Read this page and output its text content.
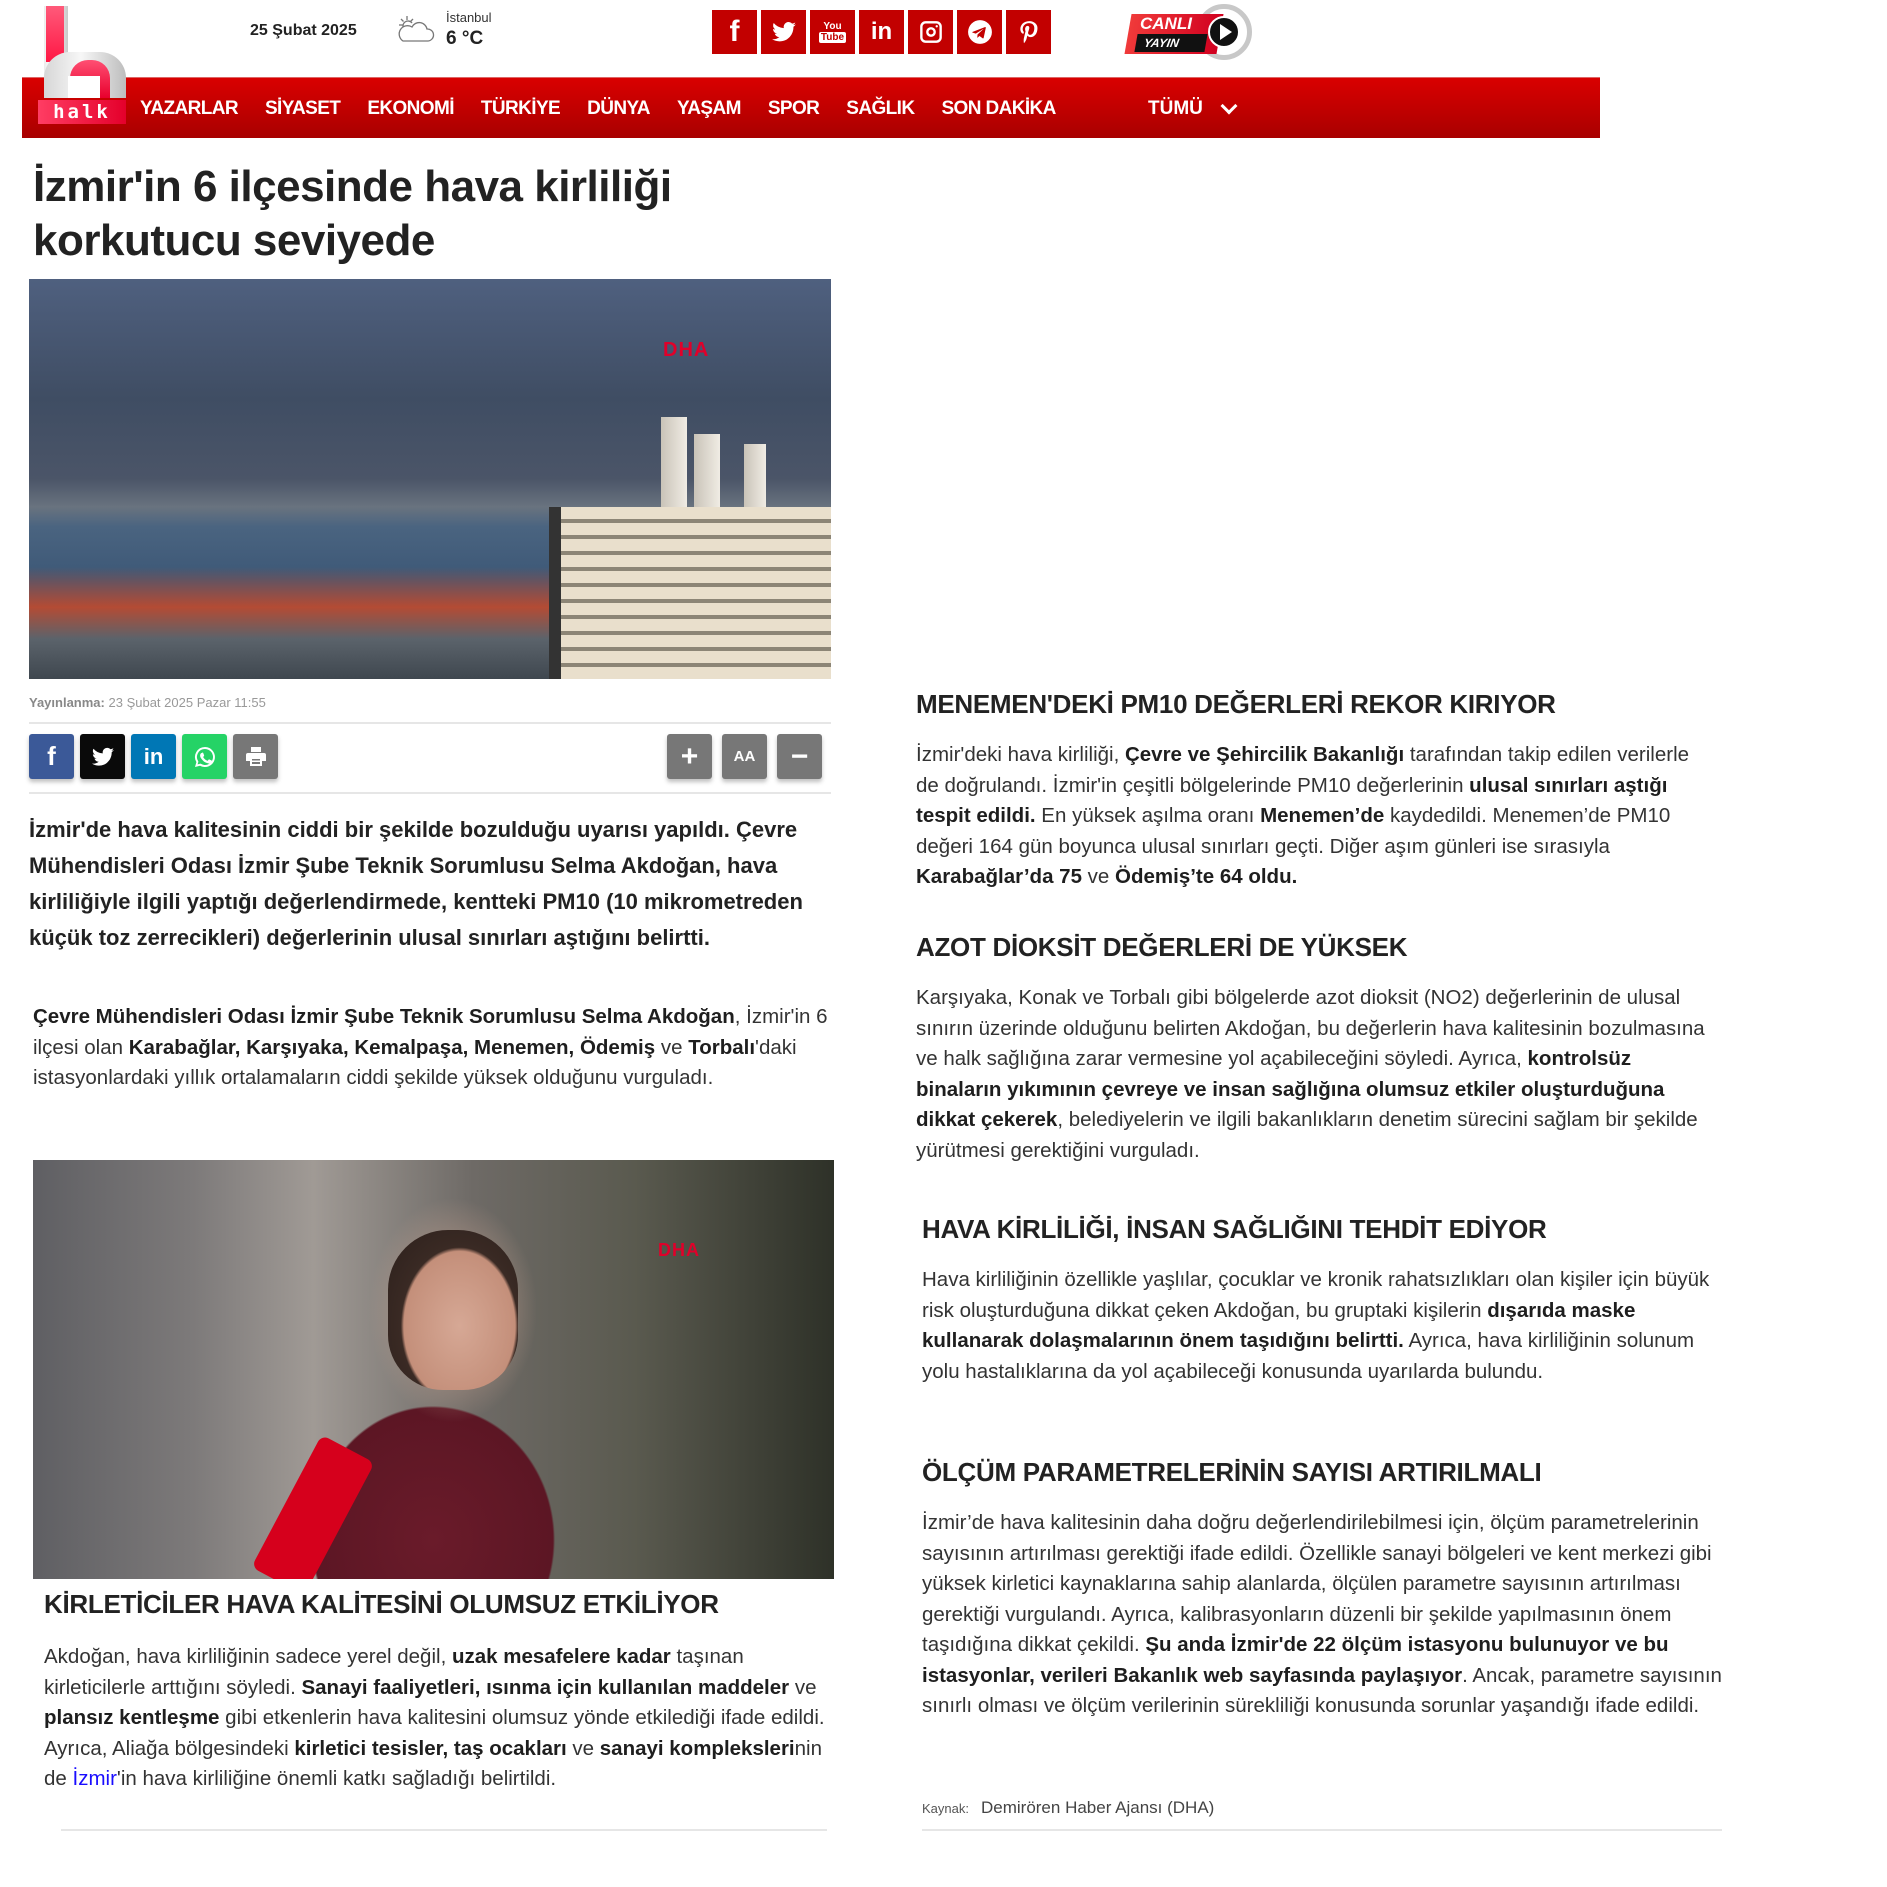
halk
25 Şubat 2025
İstanbul
6 °C	f	You
Tube in	CANLI
YAYIN
YAZARLAR SİYASET EKONOMİ TÜRKİYE DÜNYA YAŞAM SPOR SAĞLIK SON DAKİKA	TÜMÜ
İzmir'in 6 ilçesinde hava kirliliği korkutucu seviyede
DHA
Yayınlanma: 23 Şubat 2025 Pazar 11:55
f	in	+ AA −

İzmir'de hava kalitesinin ciddi bir şekilde bozulduğu uyarısı yapıldı. Çevre Mühendisleri Odası İzmir Şube Teknik Sorumlusu Selma Akdoğan, hava kirliliğiyle ilgili yaptığı değerlendirmede, kentteki PM10 (10 mikrometreden küçük toz zerrecikleri) değerlerinin ulusal sınırları aştığını belirtti.

Çevre Mühendisleri Odası İzmir Şube Teknik Sorumlusu Selma Akdoğan, İzmir'in 6 ilçesi olan Karabağlar, Karşıyaka, Kemalpaşa, Menemen, Ödemiş ve Torbalı'daki istasyonlardaki yıllık ortalamaların ciddi şekilde yüksek olduğunu vurguladı.

DHA
KİRLETİCİLER HAVA KALİTESİNİ OLUMSUZ ETKİLİYOR

Akdoğan, hava kirliliğinin sadece yerel değil, uzak mesafelere kadar taşınan kirleticilerle arttığını söyledi. Sanayi faaliyetleri, ısınma için kullanılan maddeler ve plansız kentleşme gibi etkenlerin hava kalitesini olumsuz yönde etkilediği ifade edildi. Ayrıca, Aliağa bölgesindeki kirletici tesisler, taş ocakları ve sanayi komplekslerinin de İzmir'in hava kirliliğine önemli katkı sağladığı belirtildi.

MENEMEN'DEKİ PM10 DEĞERLERİ REKOR KIRIYOR

İzmir'deki hava kirliliği, Çevre ve Şehircilik Bakanlığı tarafından takip edilen verilerle de doğrulandı. İzmir'in çeşitli bölgelerinde PM10 değerlerinin ulusal sınırları aştığı tespit edildi. En yüksek aşılma oranı Menemen’de kaydedildi. Menemen’de PM10 değeri 164 gün boyunca ulusal sınırları geçti. Diğer aşım günleri ise sırasıyla Karabağlar’da 75 ve Ödemiş’te 64 oldu.

AZOT DİOKSİT DEĞERLERİ DE YÜKSEK

Karşıyaka, Konak ve Torbalı gibi bölgelerde azot dioksit (NO2) değerlerinin de ulusal sınırın üzerinde olduğunu belirten Akdoğan, bu değerlerin hava kalitesinin bozulmasına ve halk sağlığına zarar vermesine yol açabileceğini söyledi. Ayrıca, kontrolsüz binaların yıkımının çevreye ve insan sağlığına olumsuz etkiler oluşturduğuna dikkat çekerek, belediyelerin ve ilgili bakanlıkların denetim sürecini sağlam bir şekilde yürütmesi gerektiğini vurguladı.

HAVA KİRLİLİĞİ, İNSAN SAĞLIĞINI TEHDİT EDİYOR

Hava kirliliğinin özellikle yaşlılar, çocuklar ve kronik rahatsızlıkları olan kişiler için büyük risk oluşturduğuna dikkat çeken Akdoğan, bu gruptaki kişilerin dışarıda maske kullanarak dolaşmalarının önem taşıdığını belirtti. Ayrıca, hava kirliliğinin solunum yolu hastalıklarına da yol açabileceği konusunda uyarılarda bulundu.

ÖLÇÜM PARAMETRELERİNİN SAYISI ARTIRILMALI

İzmir’de hava kalitesinin daha doğru değerlendirilebilmesi için, ölçüm parametrelerinin sayısının artırılması gerektiği ifade edildi. Özellikle sanayi bölgeleri ve kent merkezi gibi yüksek kirletici kaynaklarına sahip alanlarda, ölçülen parametre sayısının artırılması gerektiği vurgulandı. Ayrıca, kalibrasyonların düzenli bir şekilde yapılmasının önem taşıdığına dikkat çekildi. Şu anda İzmir'de 22 ölçüm istasyonu bulunuyor ve bu istasyonlar, verileri Bakanlık web sayfasında paylaşıyor. Ancak, parametre sayısının sınırlı olması ve ölçüm verilerinin sürekliliği konusunda sorunlar yaşandığı ifade edildi.

Kaynak: Demirören Haber Ajansı (DHA)
